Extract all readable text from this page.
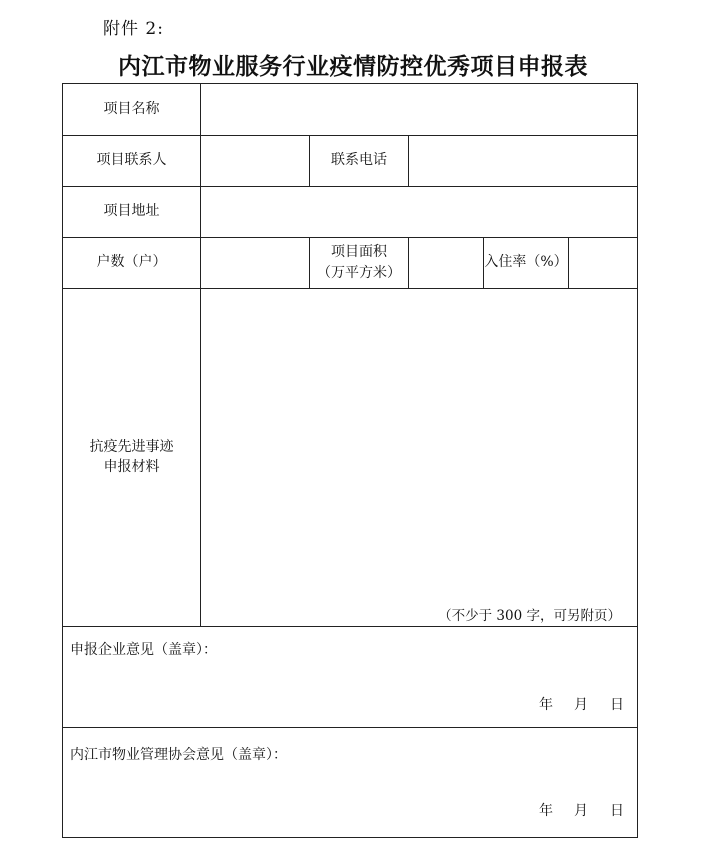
附件 2:
内江市物业服务行业疫情防控优秀项目申报表
项目名称
项目联系人	联系电话
项目地址
户数（户）
项目面积
（万平方米）
入住率（%）
抗疫先进事迹
申报材料
（不少于 300 字，可另附页）
申报企业意见（盖章）：
年 月 日
内江市物业管理协会意见（盖章）：
年 月 日
